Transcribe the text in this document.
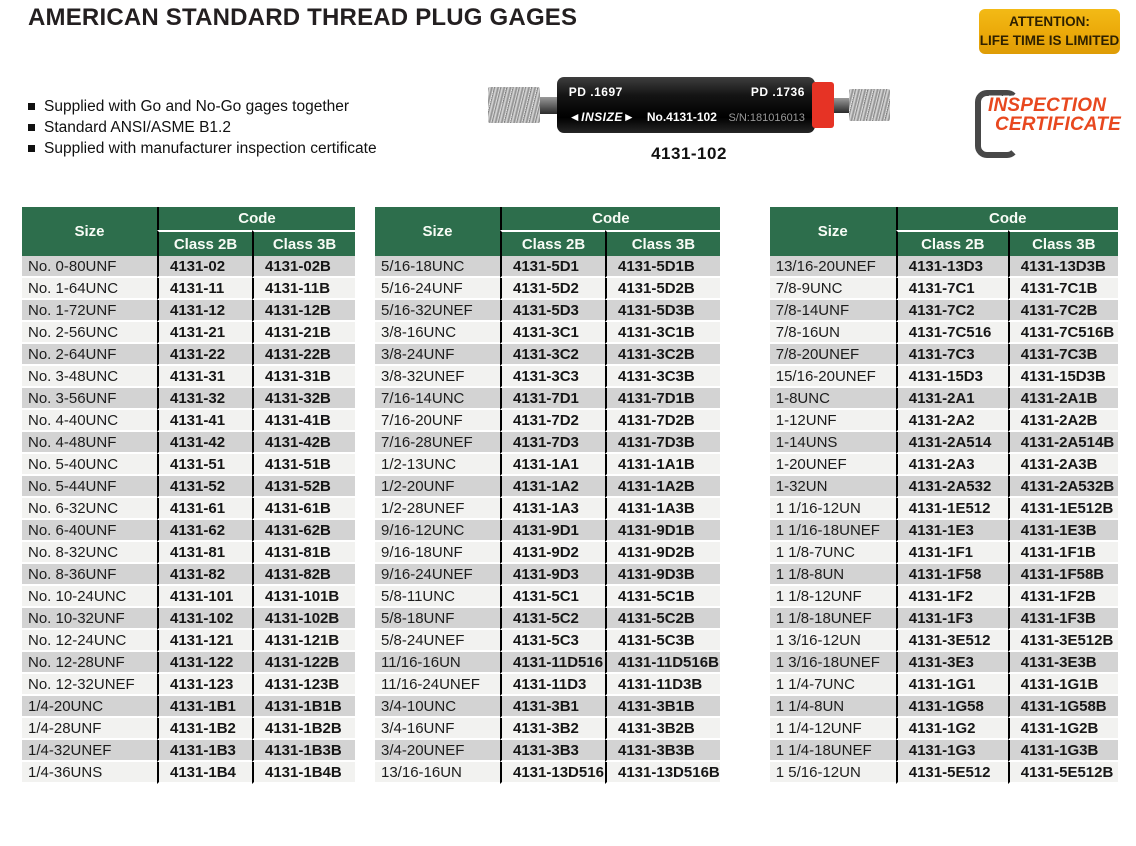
AMERICAN STANDARD THREAD PLUG GAGES	ATTENTION:
LIFE TIME IS LIMITED
Supplied with Go and No-Go gages together
Standard ANSI/ASME B1.2
Supplied with manufacturer inspection certificate
PD .1697	PD .1736
◄INSIZE► No.4131-102 S/N:181016013
4131-102
INSPECTION
CERTIFICATE
Size	Code	
	Class 2B	Class 3B
No. 0-80UNF	4131-02	4131-02B
No. 1-64UNC	4131-11	4131-11B
No. 1-72UNF	4131-12	4131-12B
No. 2-56UNC	4131-21	4131-21B
No. 2-64UNF	4131-22	4131-22B
No. 3-48UNC	4131-31	4131-31B
No. 3-56UNF	4131-32	4131-32B
No. 4-40UNC	4131-41	4131-41B
No. 4-48UNF	4131-42	4131-42B
No. 5-40UNC	4131-51	4131-51B
No. 5-44UNF	4131-52	4131-52B
No. 6-32UNC	4131-61	4131-61B
No. 6-40UNF	4131-62	4131-62B
No. 8-32UNC	4131-81	4131-81B
No. 8-36UNF	4131-82	4131-82B
No. 10-24UNC	4131-101	4131-101B
No. 10-32UNF	4131-102	4131-102B
No. 12-24UNC	4131-121	4131-121B
No. 12-28UNF	4131-122	4131-122B
No. 12-32UNEF	4131-123	4131-123B
1/4-20UNC	4131-1B1	4131-1B1B
1/4-28UNF	4131-1B2	4131-1B2B
1/4-32UNEF	4131-1B3	4131-1B3B
1/4-36UNS	4131-1B4	4131-1B4B
Size	Code	
	Class 2B	Class 3B
5/16-18UNC	4131-5D1	4131-5D1B
5/16-24UNF	4131-5D2	4131-5D2B
5/16-32UNEF	4131-5D3	4131-5D3B
3/8-16UNC	4131-3C1	4131-3C1B
3/8-24UNF	4131-3C2	4131-3C2B
3/8-32UNEF	4131-3C3	4131-3C3B
7/16-14UNC	4131-7D1	4131-7D1B
7/16-20UNF	4131-7D2	4131-7D2B
7/16-28UNEF	4131-7D3	4131-7D3B
1/2-13UNC	4131-1A1	4131-1A1B
1/2-20UNF	4131-1A2	4131-1A2B
1/2-28UNEF	4131-1A3	4131-1A3B
9/16-12UNC	4131-9D1	4131-9D1B
9/16-18UNF	4131-9D2	4131-9D2B
9/16-24UNEF	4131-9D3	4131-9D3B
5/8-11UNC	4131-5C1	4131-5C1B
5/8-18UNF	4131-5C2	4131-5C2B
5/8-24UNEF	4131-5C3	4131-5C3B
11/16-16UN	4131-11D516	4131-11D516B
11/16-24UNEF	4131-11D3	4131-11D3B
3/4-10UNC	4131-3B1	4131-3B1B
3/4-16UNF	4131-3B2	4131-3B2B
3/4-20UNEF	4131-3B3	4131-3B3B
13/16-16UN	4131-13D516	4131-13D516B
Size	Code	
	Class 2B	Class 3B
13/16-20UNEF	4131-13D3	4131-13D3B
7/8-9UNC	4131-7C1	4131-7C1B
7/8-14UNF	4131-7C2	4131-7C2B
7/8-16UN	4131-7C516	4131-7C516B
7/8-20UNEF	4131-7C3	4131-7C3B
15/16-20UNEF	4131-15D3	4131-15D3B
1-8UNC	4131-2A1	4131-2A1B
1-12UNF	4131-2A2	4131-2A2B
1-14UNS	4131-2A514	4131-2A514B
1-20UNEF	4131-2A3	4131-2A3B
1-32UN	4131-2A532	4131-2A532B
1 1/16-12UN	4131-1E512	4131-1E512B
1 1/16-18UNEF	4131-1E3	4131-1E3B
1 1/8-7UNC	4131-1F1	4131-1F1B
1 1/8-8UN	4131-1F58	4131-1F58B
1 1/8-12UNF	4131-1F2	4131-1F2B
1 1/8-18UNEF	4131-1F3	4131-1F3B
1 3/16-12UN	4131-3E512	4131-3E512B
1 3/16-18UNEF	4131-3E3	4131-3E3B
1 1/4-7UNC	4131-1G1	4131-1G1B
1 1/4-8UN	4131-1G58	4131-1G58B
1 1/4-12UNF	4131-1G2	4131-1G2B
1 1/4-18UNEF	4131-1G3	4131-1G3B
1 5/16-12UN	4131-5E512	4131-5E512B
